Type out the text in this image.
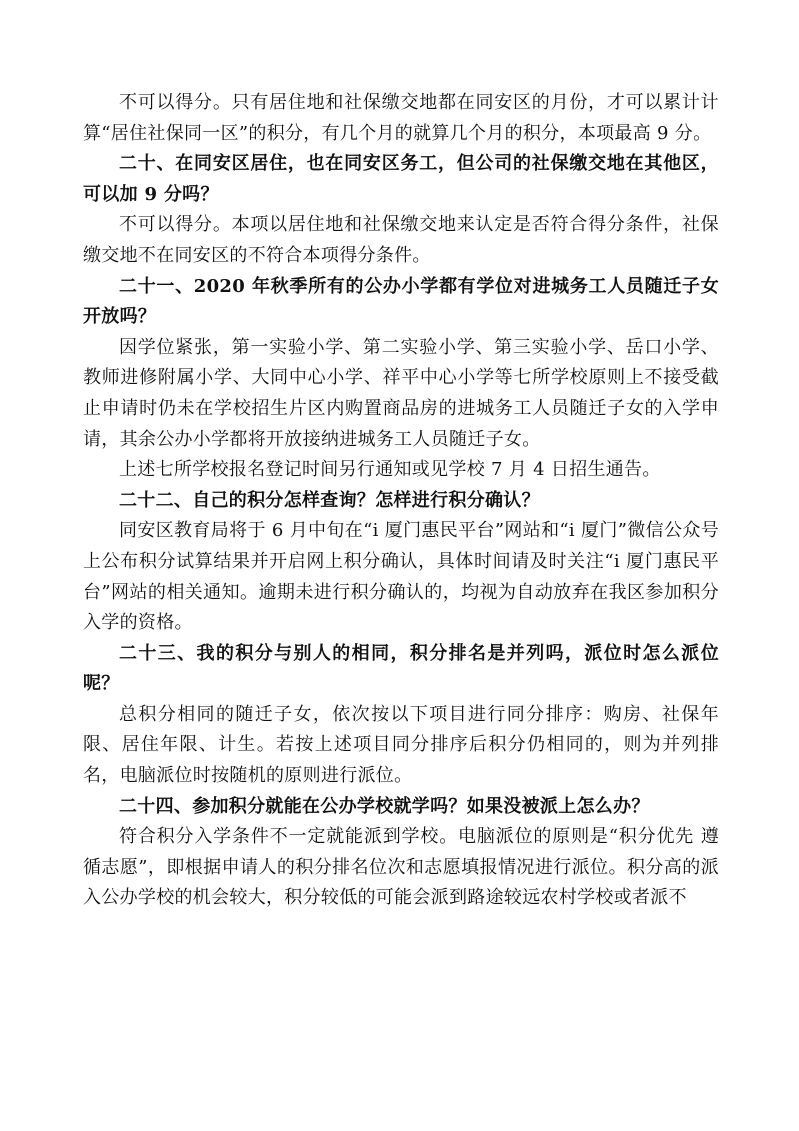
不可以得分。只有居住地和社保缴交地都在同安区的月份，才可以累计计算“居住社保同一区”的积分，有几个月的就算几个月的积分，本项最高 9 分。

二十、在同安区居住，也在同安区务工，但公司的社保缴交地在其他区，可以加 9 分吗？

不可以得分。本项以居住地和社保缴交地来认定是否符合得分条件，社保缴交地不在同安区的不符合本项得分条件。

二十一、2020 年秋季所有的公办小学都有学位对进城务工人员随迁子女开放吗？

因学位紧张，第一实验小学、第二实验小学、第三实验小学、岳口小学、教师进修附属小学、大同中心小学、祥平中心小学等七所学校原则上不接受截止申请时仍未在学校招生片区内购置商品房的进城务工人员随迁子女的入学申请，其余公办小学都将开放接纳进城务工人员随迁子女。

上述七所学校报名登记时间另行通知或见学校 7 月 4 日招生通告。

二十二、自己的积分怎样查询？怎样进行积分确认？

同安区教育局将于 6 月中旬在“i 厦门惠民平台”网站和“i 厦门”微信公众号上公布积分试算结果并开启网上积分确认，具体时间请及时关注“i 厦门惠民平台”网站的相关通知。逾期未进行积分确认的，均视为自动放弃在我区参加积分入学的资格。

二十三、我的积分与别人的相同，积分排名是并列吗，派位时怎么派位呢？

总积分相同的随迁子女，依次按以下项目进行同分排序：购房、社保年限、居住年限、计生。若按上述项目同分排序后积分仍相同的，则为并列排名，电脑派位时按随机的原则进行派位。

二十四、参加积分就能在公办学校就学吗？如果没被派上怎么办？

符合积分入学条件不一定就能派到学校。电脑派位的原则是“积分优先 遵循志愿”，即根据申请人的积分排名位次和志愿填报情况进行派位。积分高的派入公办学校的机会较大，积分较低的可能会派到路途较远农村学校或者派不
